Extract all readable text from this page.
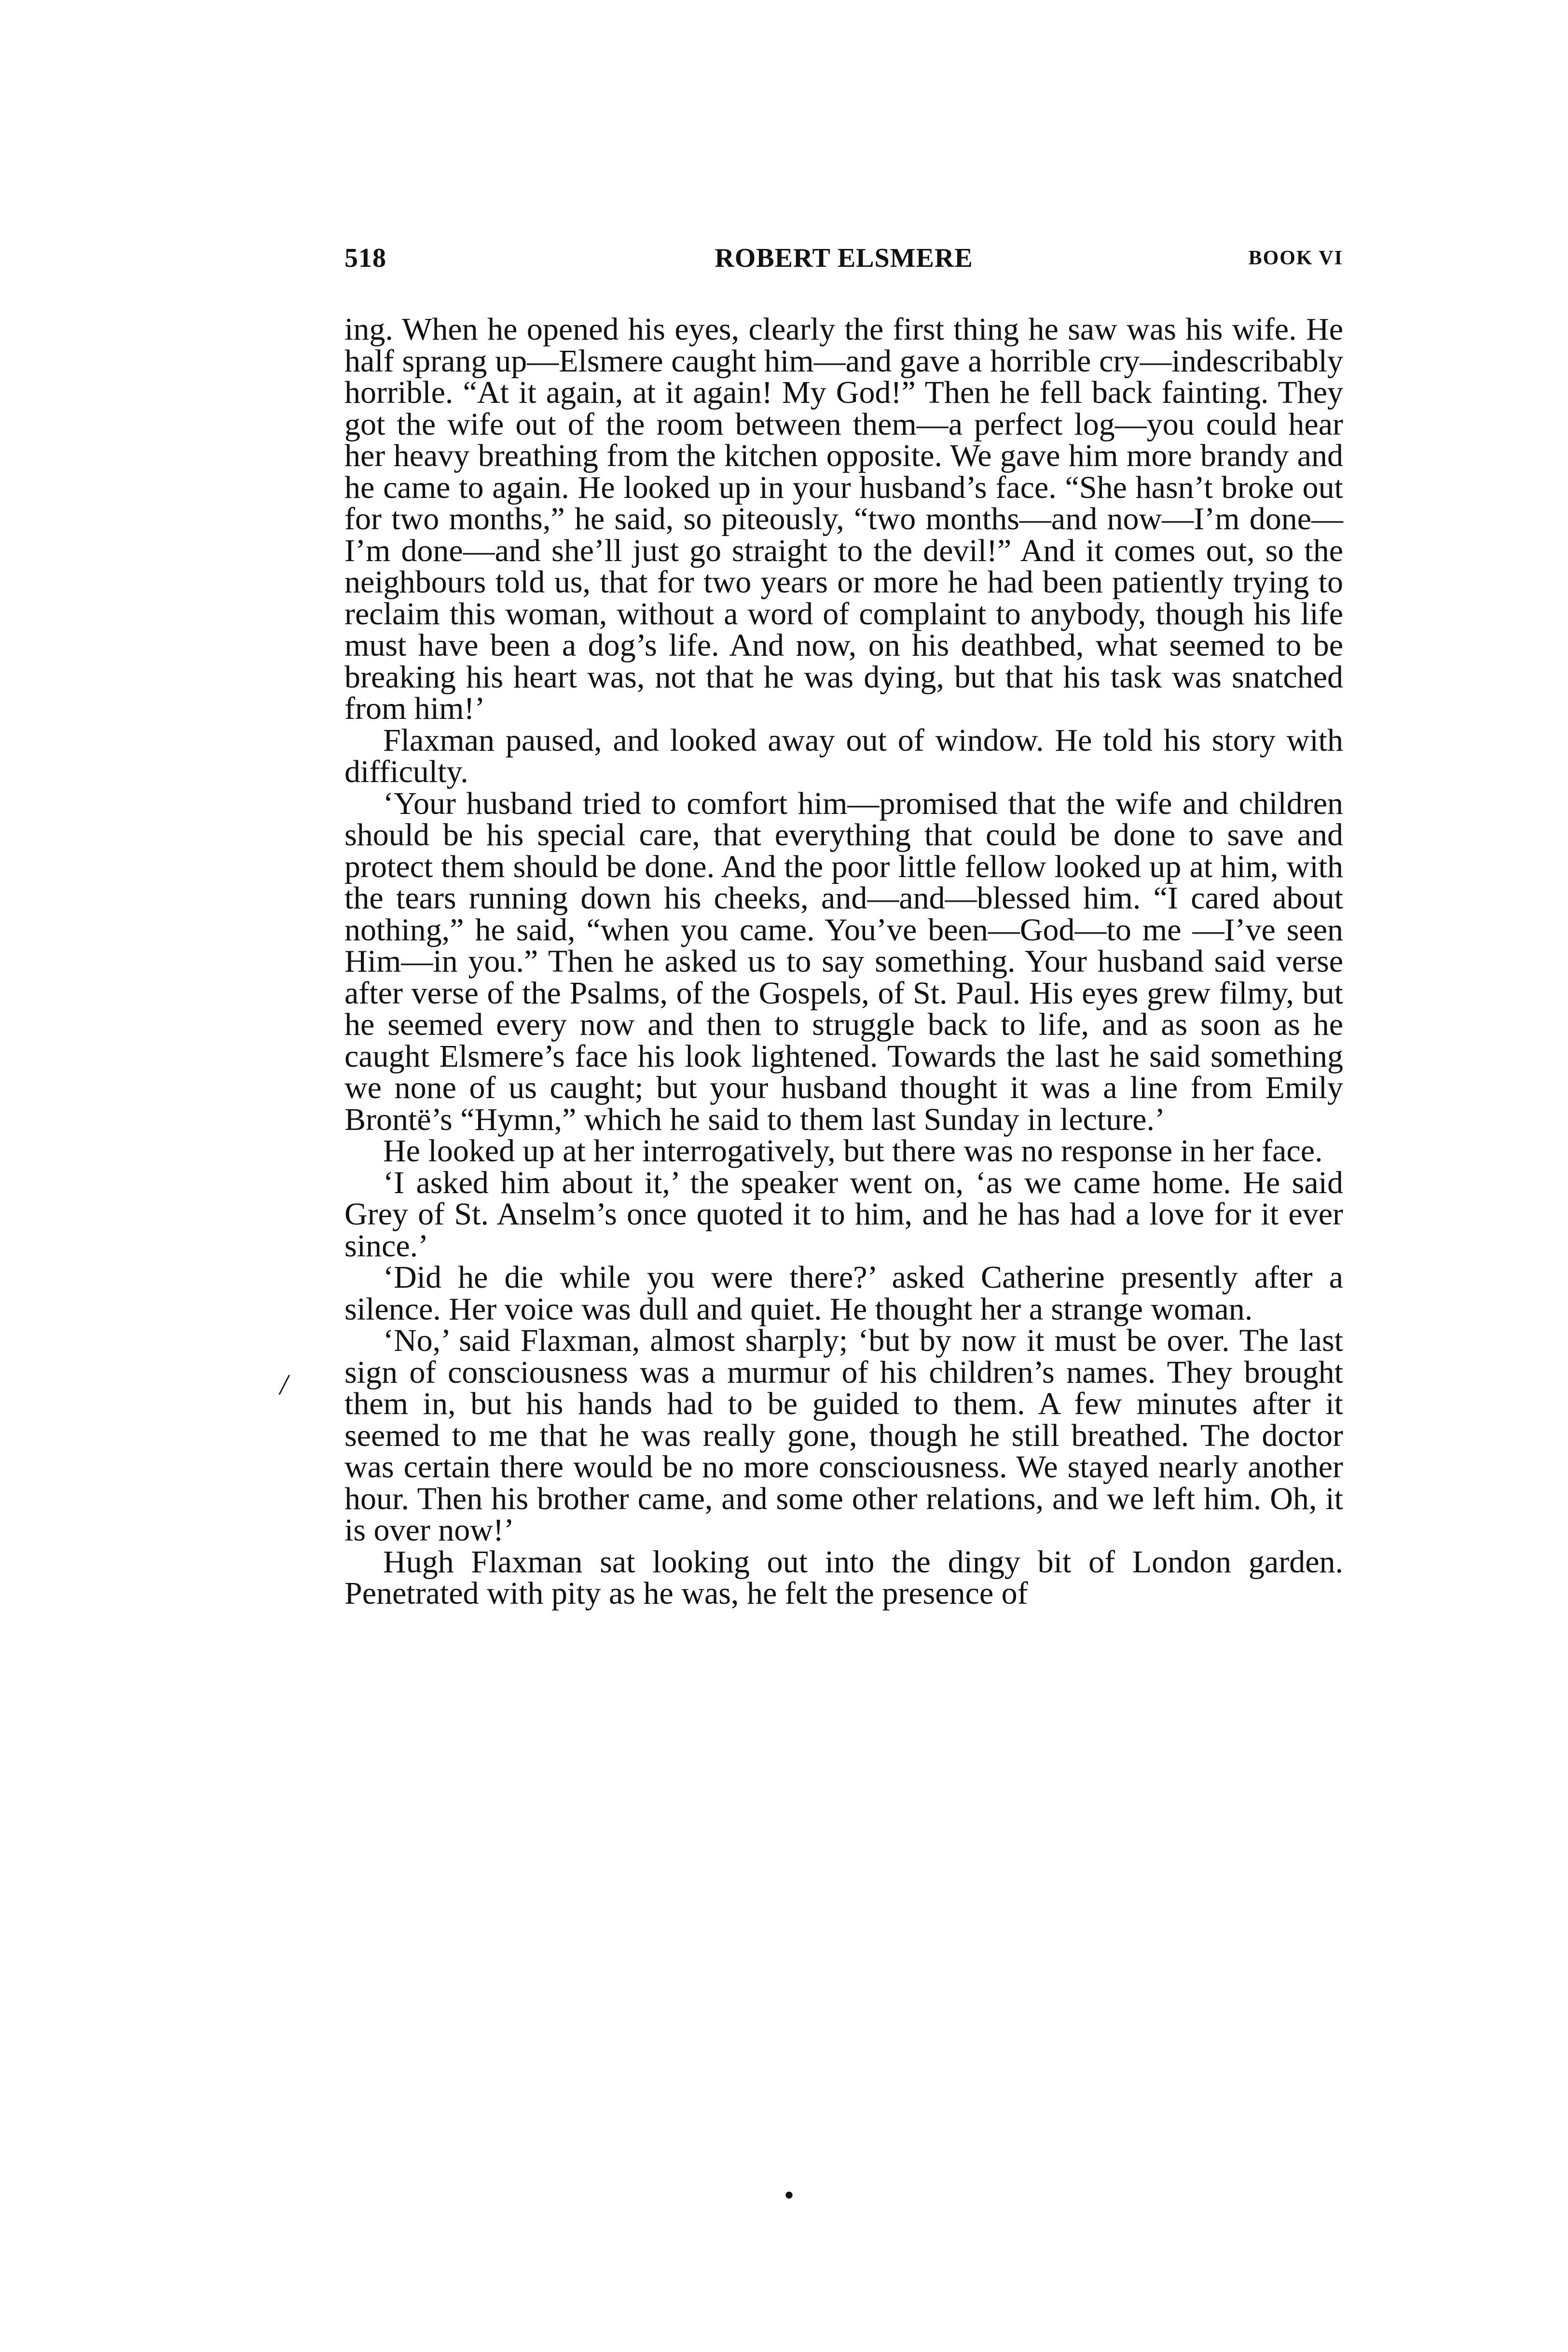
518	ROBERT ELSMERE	BOOK VI

ing. When he opened his eyes, clearly the first thing he saw was his wife. He half sprang up—Elsmere caught him—and gave a horrible cry—indescribably horrible. “At it again, at it again! My God!” Then he fell back fainting. They got the wife out of the room between them—a perfect log—you could hear her heavy breathing from the kitchen opposite. We gave him more brandy and he came to again. He looked up in your husband’s face. “She hasn’t broke out for two months,” he said, so piteously, “two months—and now—I’m done—I’m done—and she’ll just go straight to the devil!” And it comes out, so the neighbours told us, that for two years or more he had been patiently trying to reclaim this woman, without a word of complaint to anybody, though his life must have been a dog’s life. And now, on his deathbed, what seemed to be breaking his heart was, not that he was dying, but that his task was snatched from him!’

Flaxman paused, and looked away out of window. He told his story with difficulty.

‘Your husband tried to comfort him—promised that the wife and children should be his special care, that everything that could be done to save and protect them should be done. And the poor little fellow looked up at him, with the tears running down his cheeks, and—and—blessed him. “I cared about nothing,” he said, “when you came. You’ve been—God—to me —I’ve seen Him—in you.” Then he asked us to say something. Your husband said verse after verse of the Psalms, of the Gospels, of St. Paul. His eyes grew filmy, but he seemed every now and then to struggle back to life, and as soon as he caught Elsmere’s face his look lightened. Towards the last he said something we none of us caught; but your husband thought it was a line from Emily Brontë’s “Hymn,” which he said to them last Sunday in lecture.’

He looked up at her interrogatively, but there was no response in her face.

‘I asked him about it,’ the speaker went on, ‘as we came home. He said Grey of St. Anselm’s once quoted it to him, and he has had a love for it ever since.’

‘Did he die while you were there?’ asked Catherine presently after a silence. Her voice was dull and quiet. He thought her a strange woman.

‘No,’ said Flaxman, almost sharply; ‘but by now it must be over. The last sign of consciousness was a murmur of his children’s names. They brought them in, but his hands had to be guided to them. A few minutes after it seemed to me that he was really gone, though he still breathed. The doctor was certain there would be no more consciousness. We stayed nearly another hour. Then his brother came, and some other relations, and we left him. Oh, it is over now!’

Hugh Flaxman sat looking out into the dingy bit of London garden. Penetrated with pity as he was, he felt the presence of

/
•
